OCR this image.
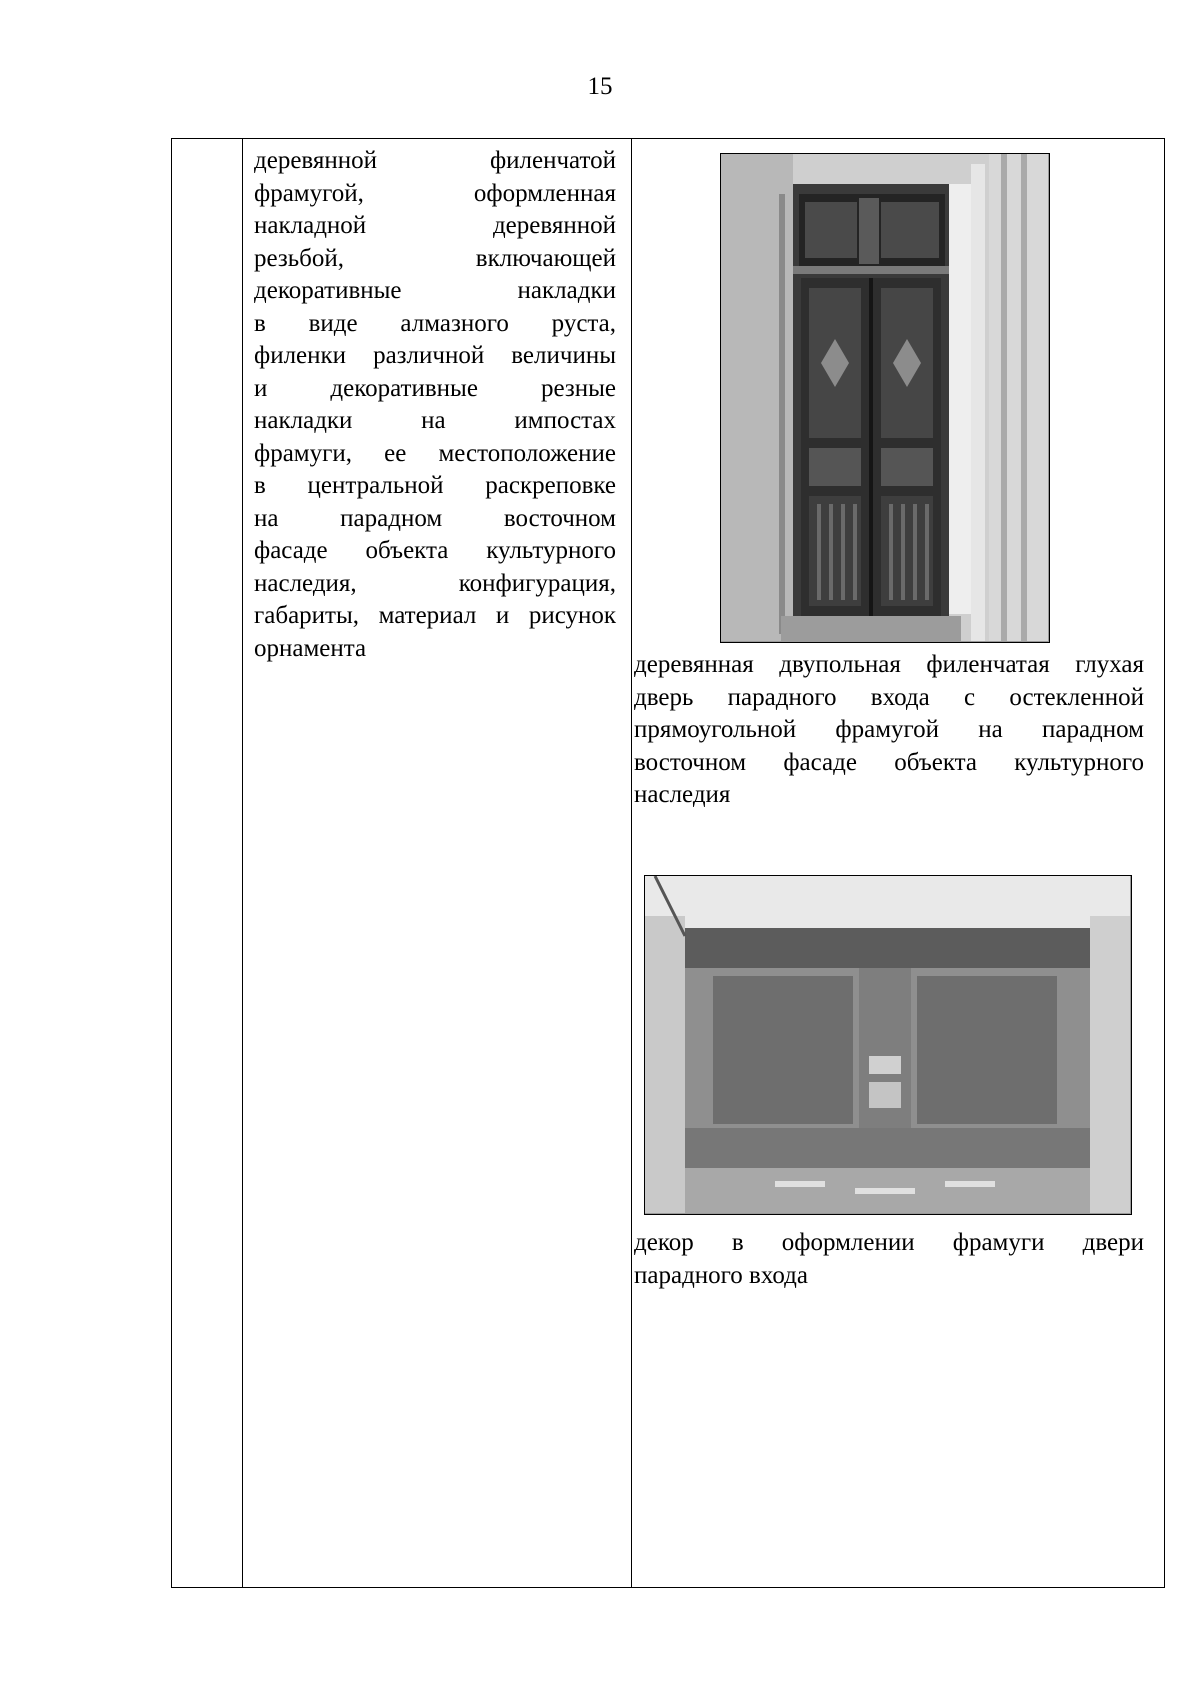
15
деревянной филенчатой
фрамугой, оформленная
накладной деревянной
резьбой, включающей
декоративные накладки
в виде алмазного руста,
филенки различной величины
и декоративные резные
накладки на импостах
фрамуги, ее местоположение
в центральной раскреповке
на парадном восточном
фасаде объекта культурного
наследия, конфигурация,
габариты, материал и рисунок
орнамента
деревянная двупольная филенчатая глухая
дверь парадного входа с остекленной
прямоугольной фрамугой на парадном
восточном фасаде объекта культурного
наследия
декор в оформлении фрамуги двери
парадного входа
